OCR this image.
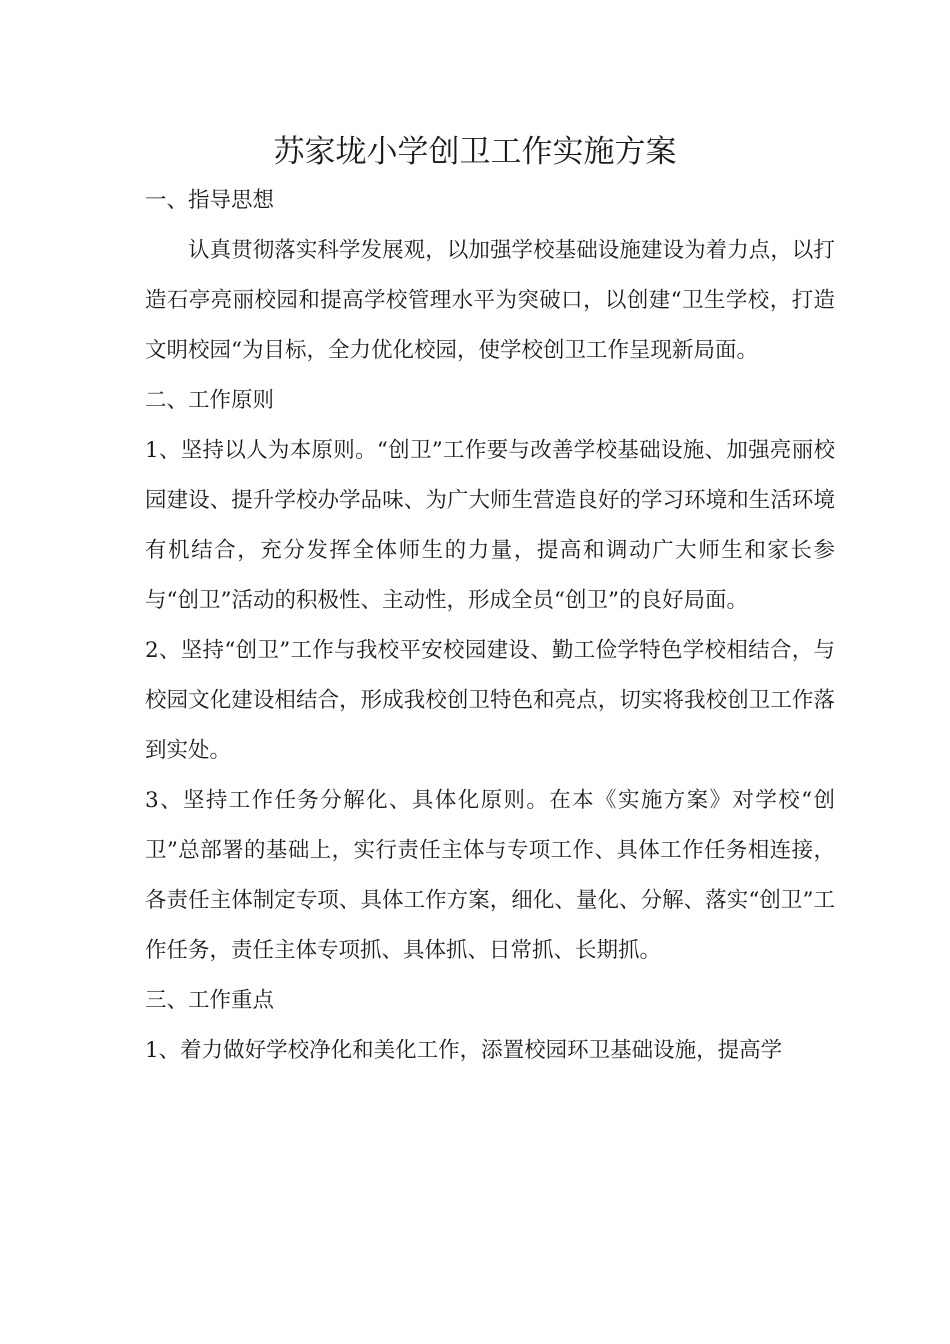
苏家垅小学创卫工作实施方案

一、指导思想

认真贯彻落实科学发展观，以加强学校基础设施建设为着力点，以打造石亭亮丽校园和提高学校管理水平为突破口，以创建“卫生学校，打造文明校园“为目标，全力优化校园，使学校创卫工作呈现新局面。

二、工作原则

1、坚持以人为本原则。“创卫”工作要与改善学校基础设施、加强亮丽校园建设、提升学校办学品味、为广大师生营造良好的学习环境和生活环境有机结合，充分发挥全体师生的力量，提高和调动广大师生和家长参与“创卫”活动的积极性、主动性，形成全员“创卫”的良好局面。

2、坚持“创卫”工作与我校平安校园建设、勤工俭学特色学校相结合，与校园文化建设相结合，形成我校创卫特色和亮点，切实将我校创卫工作落到实处。

3、坚持工作任务分解化、具体化原则。在本《实施方案》对学校“创卫”总部署的基础上，实行责任主体与专项工作、具体工作任务相连接，各责任主体制定专项、具体工作方案，细化、量化、分解、落实“创卫”工作任务，责任主体专项抓、具体抓、日常抓、长期抓。

三、工作重点

1、着力做好学校净化和美化工作，添置校园环卫基础设施，提高学
